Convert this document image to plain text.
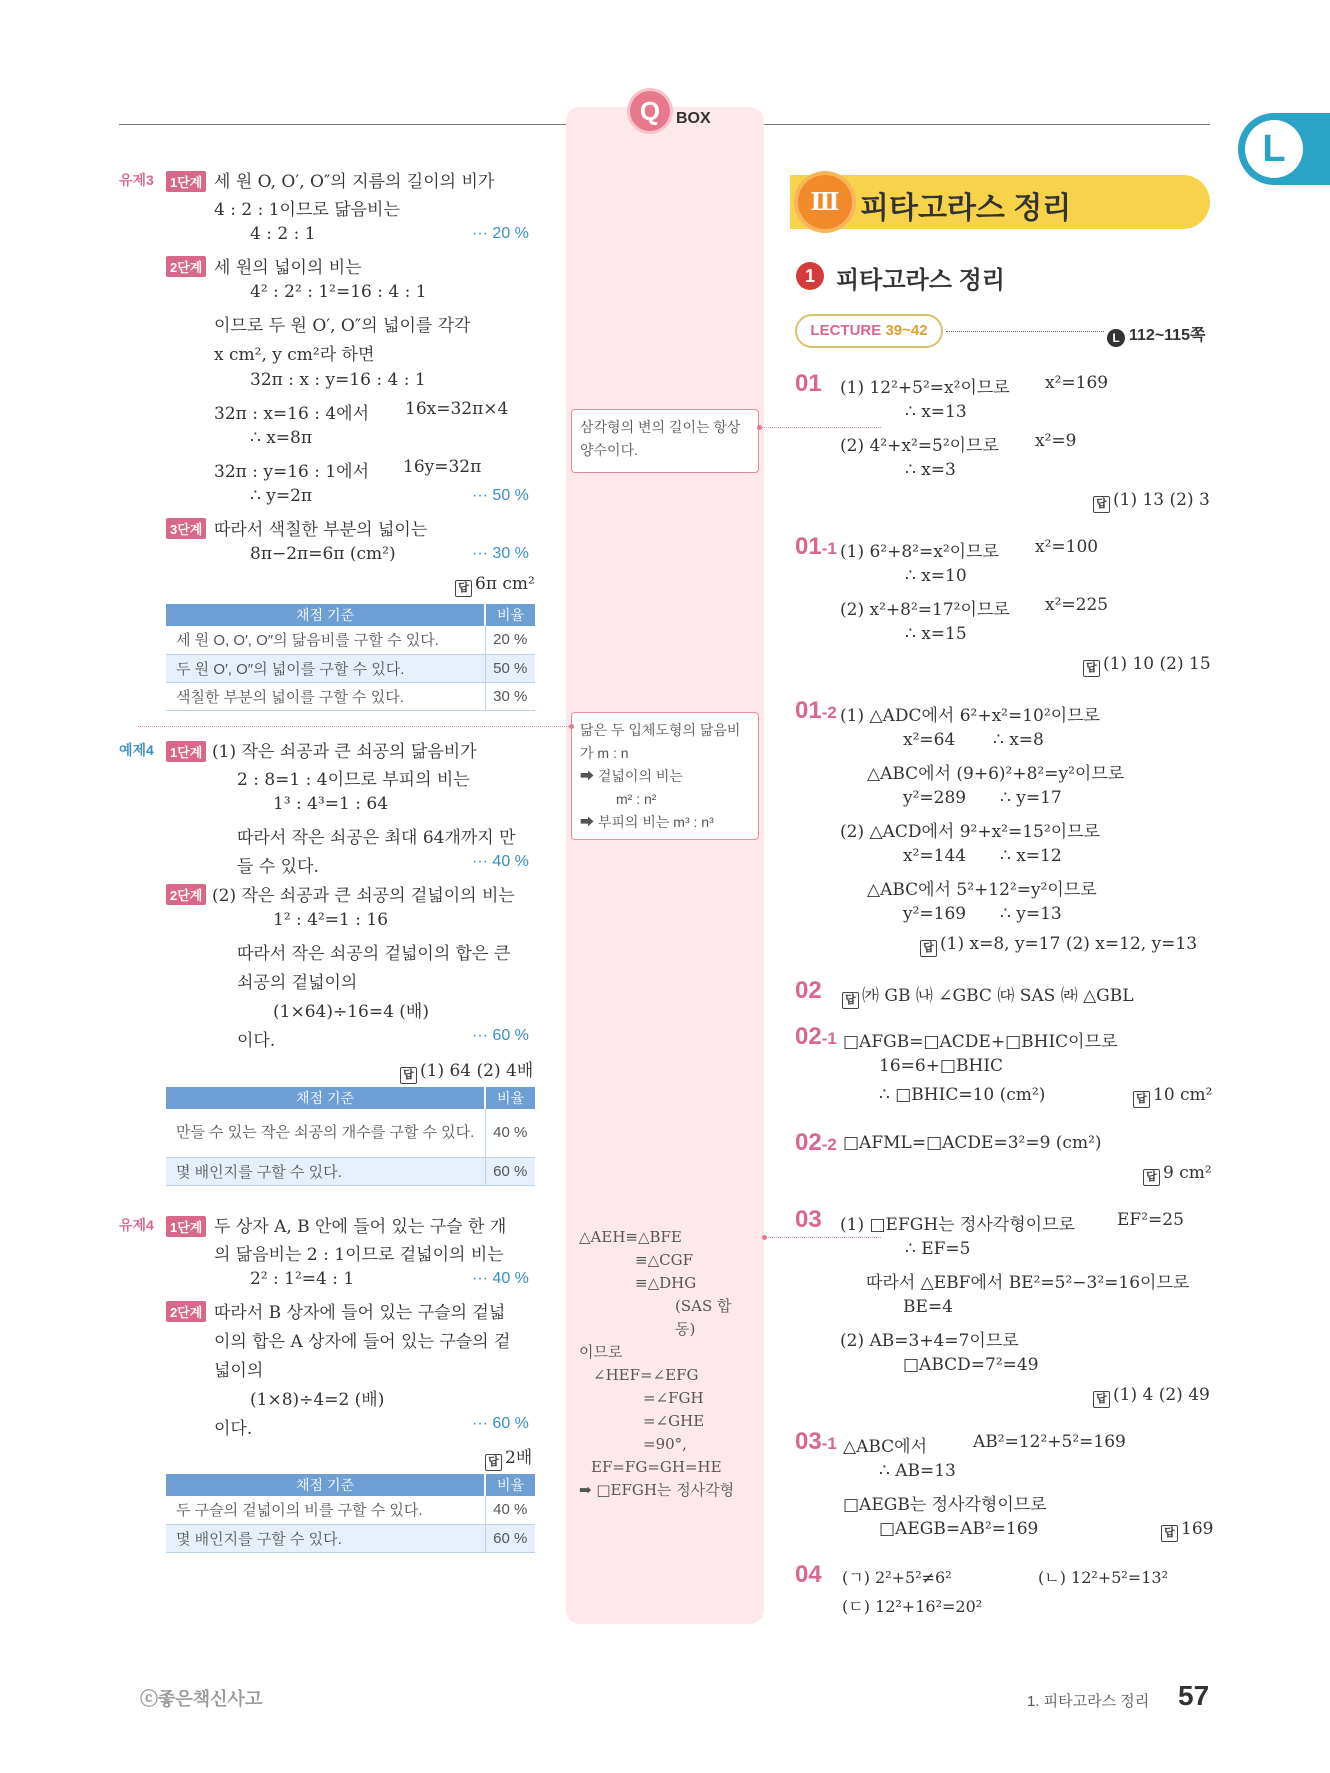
L
Q BOX
삼각형의 변의 길이는 항상
양수이다.
닮은 두 입체도형의 닮음비
가 m : n
➡ 겉넓이의 비는
m² : n²
➡ 부피의 비는 m³ : n³
△AEH≡△BFE
≡△CGF
≡△DHG
(SAS 합동)
이므로
∠HEF=∠EFG
=∠FGH
=∠GHE
=90°,
EF=FG=GH=HE
➡ □EFGH는 정사각형
유제3	1단계 세 원 O, O′, O″의 지름의 길이의 비가
4 : 2 : 1이므로 닮음비는
4 : 2 : 1	··· 20 %
2단계 세 원의 넓이의 비는
4² : 2² : 1²=16 : 4 : 1
이므로 두 원 O′, O″의 넓이를 각각
x cm², y cm²라 하면
32π : x : y=16 : 4 : 1
32π : x=16 : 4에서 16x=32π×4
∴ x=8π
32π : y=16 : 1에서 16y=32π
∴ y=2π	··· 50 %
3단계 따라서 색칠한 부분의 넓이는
8π−2π=6π (cm²)	··· 30 %
답 6π cm²
채점 기준	비율
세 원 O, O′, O″의 닮음비를 구할 수 있다.	20 %
두 원 O′, O″의 넓이를 구할 수 있다.	50 %
색칠한 부분의 넓이를 구할 수 있다.	30 %
예제4	1단계 (1) 작은 쇠공과 큰 쇠공의 닮음비가
2 : 8=1 : 4이므로 부피의 비는
1³ : 4³=1 : 64
따라서 작은 쇠공은 최대 64개까지 만
들 수 있다.	··· 40 %
2단계 (2) 작은 쇠공과 큰 쇠공의 겉넓이의 비는
1² : 4²=1 : 16
따라서 작은 쇠공의 겉넓이의 합은 큰
쇠공의 겉넓이의
(1×64)÷16=4 (배)
이다.	··· 60 %
답 (1) 64 (2) 4배
채점 기준	비율
만들 수 있는 작은 쇠공의 개수를 구할 수 있다.	40 %
몇 배인지를 구할 수 있다.	60 %
유제4	1단계 두 상자 A, B 안에 들어 있는 구슬 한 개
의 닮음비는 2 : 1이므로 겉넓이의 비는
2² : 1²=4 : 1	··· 40 %
2단계 따라서 B 상자에 들어 있는 구슬의 겉넓
이의 합은 A 상자에 들어 있는 구슬의 겉
넓이의
(1×8)÷4=2 (배)
이다.	··· 60 %
답 2배
채점 기준	비율
두 구슬의 겉넓이의 비를 구할 수 있다.	40 %
몇 배인지를 구할 수 있다.	60 %
Ⅲ 피타고라스 정리
1 피타고라스 정리
LECTURE 39~42	L 112~115쪽
01 (1) 12²+5²=x²이므로 x²=169
∴ x=13
(2) 4²+x²=5²이므로 x²=9
∴ x=3
답 (1) 13 (2) 3
01-1 (1) 6²+8²=x²이므로 x²=100
∴ x=10
(2) x²+8²=17²이므로 x²=225
∴ x=15
답 (1) 10 (2) 15
01-2 (1) △ADC에서 6²+x²=10²이므로
x²=64 ∴ x=8
△ABC에서 (9+6)²+8²=y²이므로
y²=289 ∴ y=17
(2) △ACD에서 9²+x²=15²이므로
x²=144 ∴ x=12
△ABC에서 5²+12²=y²이므로
y²=169 ∴ y=13
답 (1) x=8, y=17 (2) x=12, y=13
02 답 ㈎ GB ㈏ ∠GBC ㈐ SAS ㈑ △GBL
02-1 □AFGB=□ACDE+□BHIC이므로
16=6+□BHIC
∴ □BHIC=10 (cm²)	답 10 cm²
02-2 □AFML=□ACDE=3²=9 (cm²)
답 9 cm²
03 (1) □EFGH는 정사각형이므로 EF²=25
∴ EF=5
따라서 △EBF에서 BE²=5²−3²=16이므로
BE=4
(2) AB=3+4=7이므로
□ABCD=7²=49
답 (1) 4 (2) 49
03-1 △ABC에서	AB²=12²+5²=169
∴ AB=13
□AEGB는 정사각형이므로
□AEGB=AB²=169	답 169
04 (ㄱ) 2²+5²≠6²	(ㄴ) 12²+5²=13²
(ㄷ) 12²+16²=20²
ⓒ좋은책신사고	1. 피타고라스 정리 57
